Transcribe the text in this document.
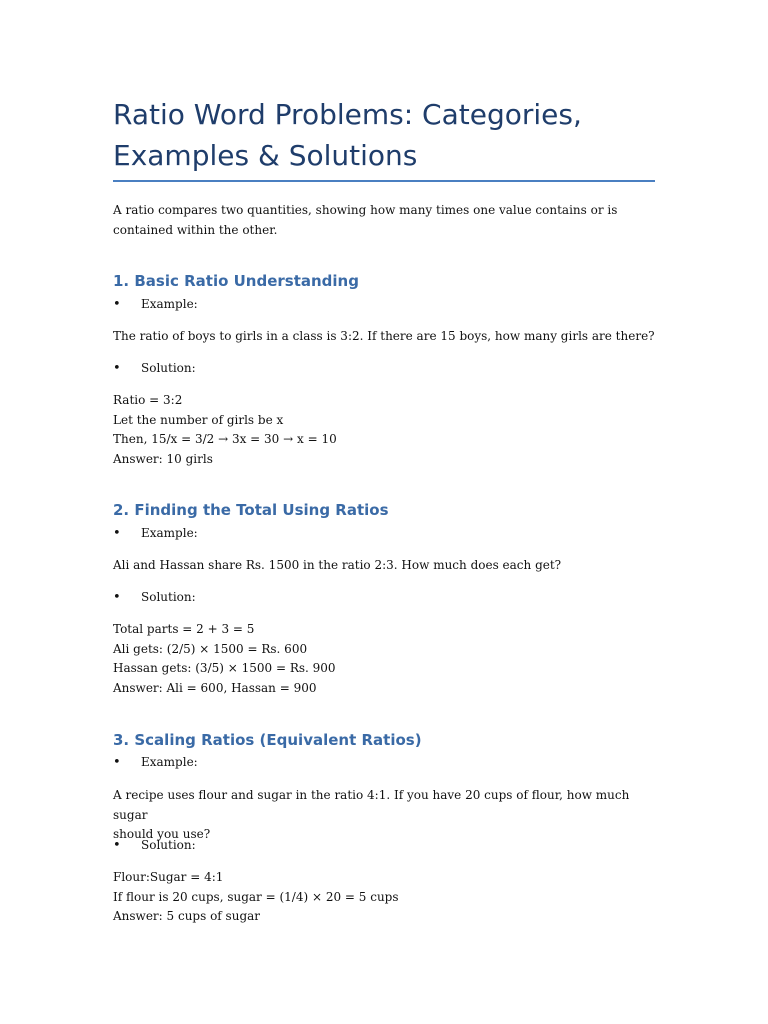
Ratio Word Problems: Categories,
Examples & Solutions

A ratio compares two quantities, showing how many times one value contains or is
contained within the other.

1. Basic Ratio Understanding
• Example:

The ratio of boys to girls in a class is 3:2. If there are 15 boys, how many girls are there?

• Solution:
Ratio = 3:2
Let the number of girls be x
Then, 15/x = 3/2 → 3x = 30 → x = 10
Answer: 10 girls
2. Finding the Total Using Ratios
• Example:

Ali and Hassan share Rs. 1500 in the ratio 2:3. How much does each get?

• Solution:
Total parts = 2 + 3 = 5
Ali gets: (2/5) × 1500 = Rs. 600
Hassan gets: (3/5) × 1500 = Rs. 900
Answer: Ali = 600, Hassan = 900
3. Scaling Ratios (Equivalent Ratios)
• Example:

A recipe uses flour and sugar in the ratio 4:1. If you have 20 cups of flour, how much sugar
should you use?

• Solution:
Flour:Sugar = 4:1
If flour is 20 cups, sugar = (1/4) × 20 = 5 cups
Answer: 5 cups of sugar
